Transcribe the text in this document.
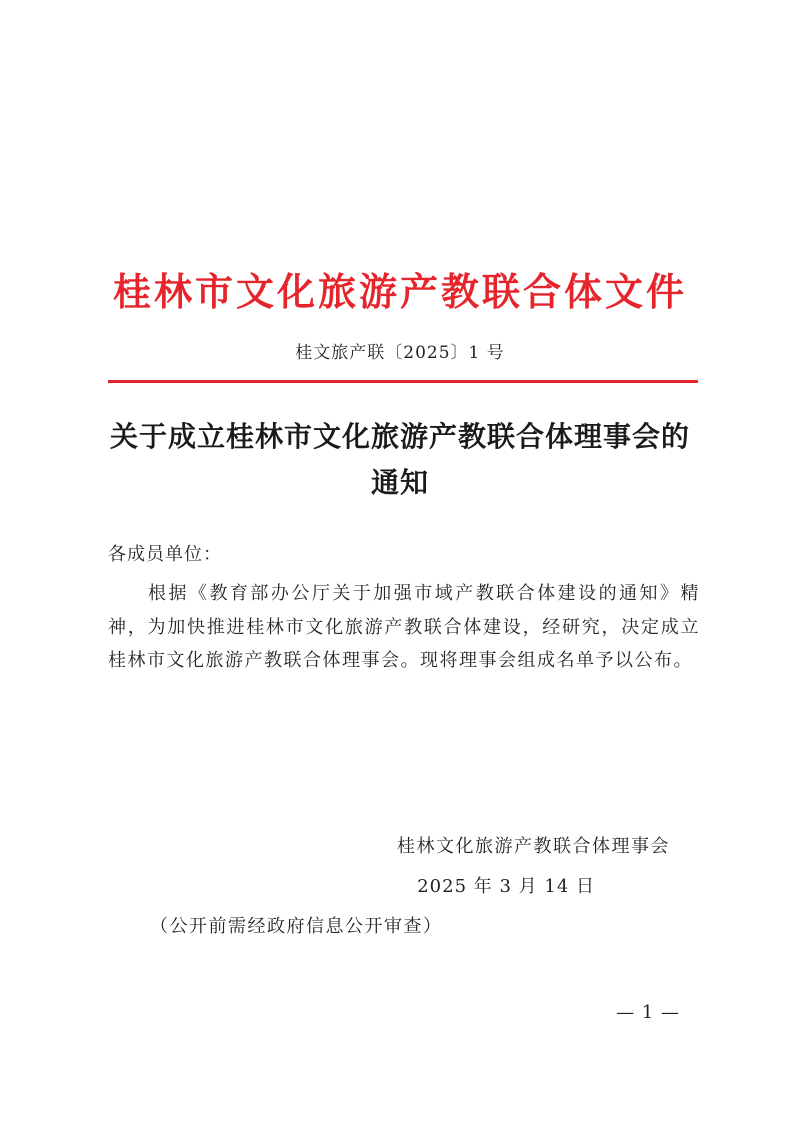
桂林市文化旅游产教联合体文件
桂文旅产联〔2025〕1 号
关于成立桂林市文化旅游产教联合体理事会的通知
各成员单位：
根据《教育部办公厅关于加强市域产教联合体建设的通知》精神，为加快推进桂林市文化旅游产教联合体建设，经研究，决定成立桂林市文化旅游产教联合体理事会。现将理事会组成名单予以公布。
桂林文化旅游产教联合体理事会
2025 年 3 月 14 日
（公开前需经政府信息公开审查）
— 1 —
